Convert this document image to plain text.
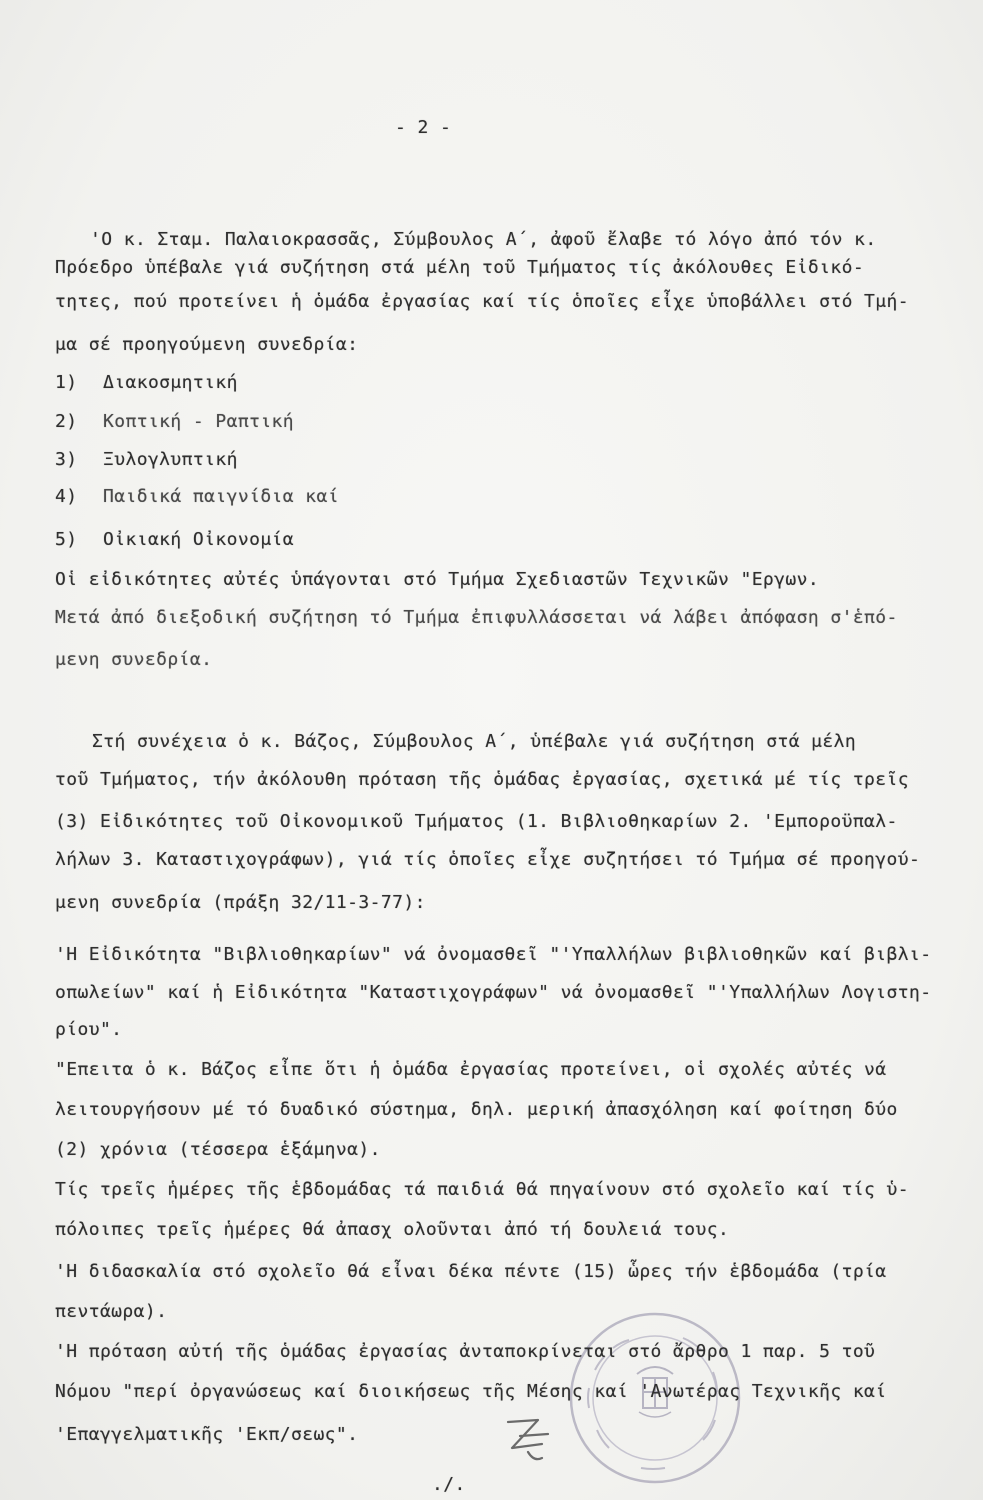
- 2 -
'Ο κ. Σταμ. Παλαιοκρασσᾶς, Σύμβουλος Α΄, ἀφοῦ ἔλαβε τό λόγο ἀπό τόν κ.
Πρόεδρο ὑπέβαλε γιά συζήτηση στά μέλη τοῦ Τμήματος τίς ἀκόλουθες Εἰδικό-
τητες, πού προτείνει ἡ ὁμάδα ἐργασίας καί τίς ὁποῖες εἶχε ὑποβάλλει στό Τμή-
μα σέ προηγούμενη συνεδρία:
1) Διακοσμητική
2) Κοπτική - Ραπτική
3) Ξυλογλυπτική
4) Παιδικά παιγνίδια καί
5) Οἰκιακή Οἰκονομία
Οἱ εἰδικότητες αὐτές ὑπάγονται στό Τμήμα Σχεδιαστῶν Τεχνικῶν "Εργων.
Μετά ἀπό διεξοδική συζήτηση τό Τμήμα ἐπιφυλλάσσεται νά λάβει ἀπόφαση σ'ἑπό-
μενη συνεδρία.
Στή συνέχεια ὁ κ. Βάζος, Σύμβουλος Α΄, ὑπέβαλε γιά συζήτηση στά μέλη
τοῦ Τμήματος, τήν ἀκόλουθη πρόταση τῆς ὁμάδας ἐργασίας, σχετικά μέ τίς τρεῖς
(3) Εἰδικότητες τοῦ Οἰκονομικοῦ Τμήματος (1. Βιβλιοθηκαρίων 2. 'Εμποροϋπαλ-
λήλων 3. Καταστιχογράφων), γιά τίς ὁποῖες εἶχε συζητήσει τό Τμήμα σέ προηγού-
μενη συνεδρία (πράξη 32/11-3-77):
'Η Εἰδικότητα "Βιβλιοθηκαρίων" νά ὀνομασθεῖ "'Υπαλλήλων βιβλιοθηκῶν καί βιβλι-
οπωλείων" καί ἡ Εἰδικότητα "Καταστιχογράφων" νά ὀνομασθεῖ "'Υπαλλήλων Λογιστη-
ρίου".
"Επειτα ὁ κ. Βάζος εἶπε ὅτι ἡ ὁμάδα ἐργασίας προτείνει, οἱ σχολές αὐτές νά
λειτουργήσουν μέ τό δυαδικό σύστημα, δηλ. μερική ἀπασχόληση καί φοίτηση δύο
(2) χρόνια (τέσσερα ἑξάμηνα).
Τίς τρεῖς ἡμέρες τῆς ἑβδομάδας τά παιδιά θά πηγαίνουν στό σχολεῖο καί τίς ὑ-
πόλοιπες τρεῖς ἡμέρες θά ἀπασχ ολοῦνται ἀπό τή δουλειά τους.
'Η διδασκαλία στό σχολεῖο θά εἶναι δέκα πέντε (15) ὧρες τήν ἑβδομάδα (τρία
πεντάωρα).
'Η πρόταση αὐτή τῆς ὁμάδας ἐργασίας ἀνταποκρίνεται στό ἄρθρο 1 παρ. 5 τοῦ
Νόμου "περί ὀργανώσεως καί διοικήσεως τῆς Μέσης καί 'Ανωτέρας Τεχνικῆς καί
'Επαγγελματικῆς 'Εκπ/σεως".
./.
